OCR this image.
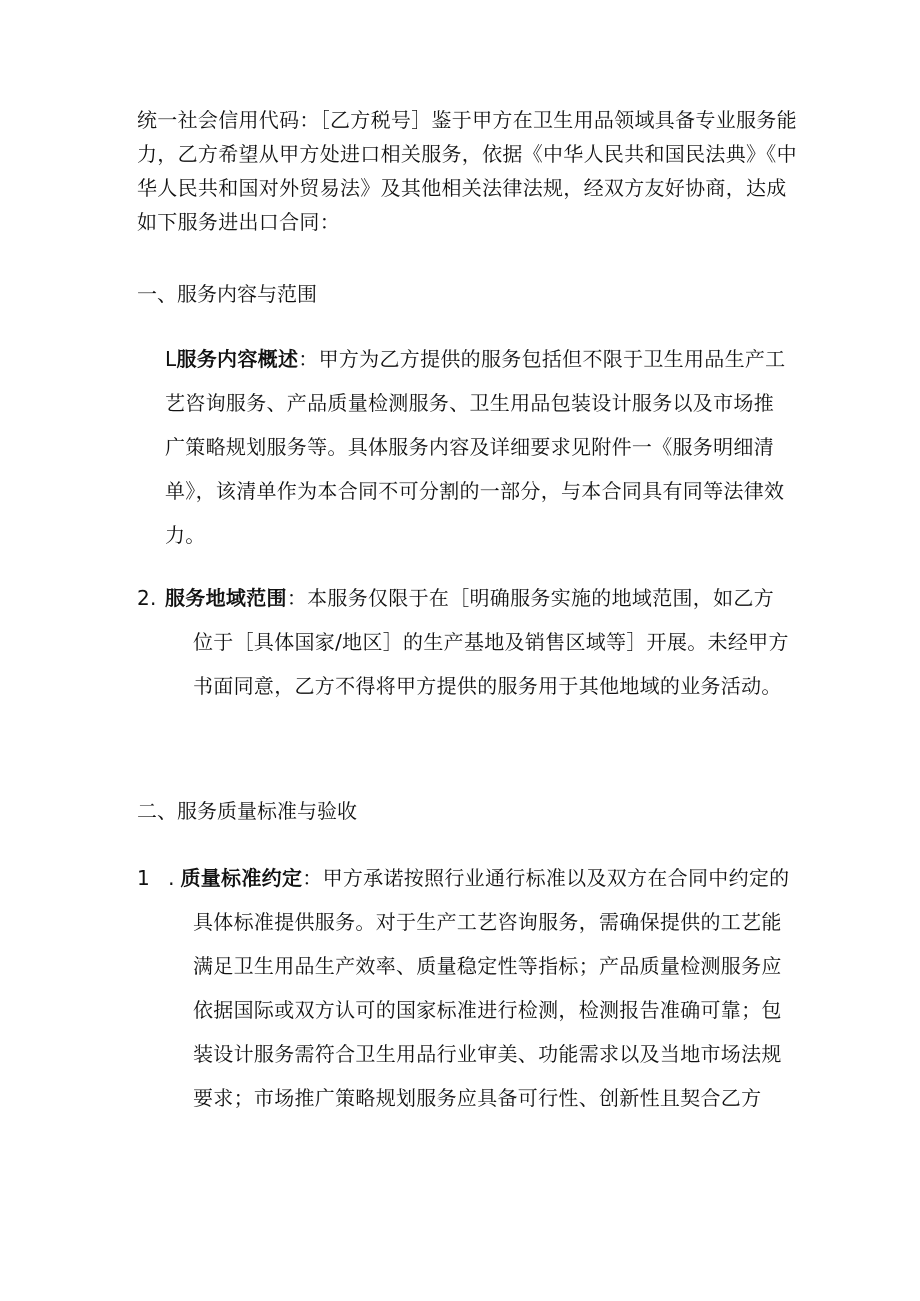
统一社会信用代码：［乙方税号］鉴于甲方在卫生用品领域具备专业服务能力，乙方希望从甲方处进口相关服务，依据《中华人民共和国民法典》《中华人民共和国对外贸易法》及其他相关法律法规，经双方友好协商，达成如下服务进出口合同：
一、服务内容与范围
L服务内容概述：甲方为乙方提供的服务包括但不限于卫生用品生产工艺咨询服务、产品质量检测服务、卫生用品包装设计服务以及市场推广策略规划服务等。具体服务内容及详细要求见附件一《服务明细清单》，该清单作为本合同不可分割的一部分，与本合同具有同等法律效力。
2. 服务地域范围：本服务仅限于在［明确服务实施的地域范围，如乙方位于［具体国家/地区］的生产基地及销售区域等］开展。未经甲方书面同意，乙方不得将甲方提供的服务用于其他地域的业务活动。
二、服务质量标准与验收
1 .质量标准约定：甲方承诺按照行业通行标准以及双方在合同中约定的具体标准提供服务。对于生产工艺咨询服务，需确保提供的工艺能满足卫生用品生产效率、质量稳定性等指标；产品质量检测服务应依据国际或双方认可的国家标准进行检测，检测报告准确可靠；包装设计服务需符合卫生用品行业审美、功能需求以及当地市场法规要求；市场推广策略规划服务应具备可行性、创新性且契合乙方
